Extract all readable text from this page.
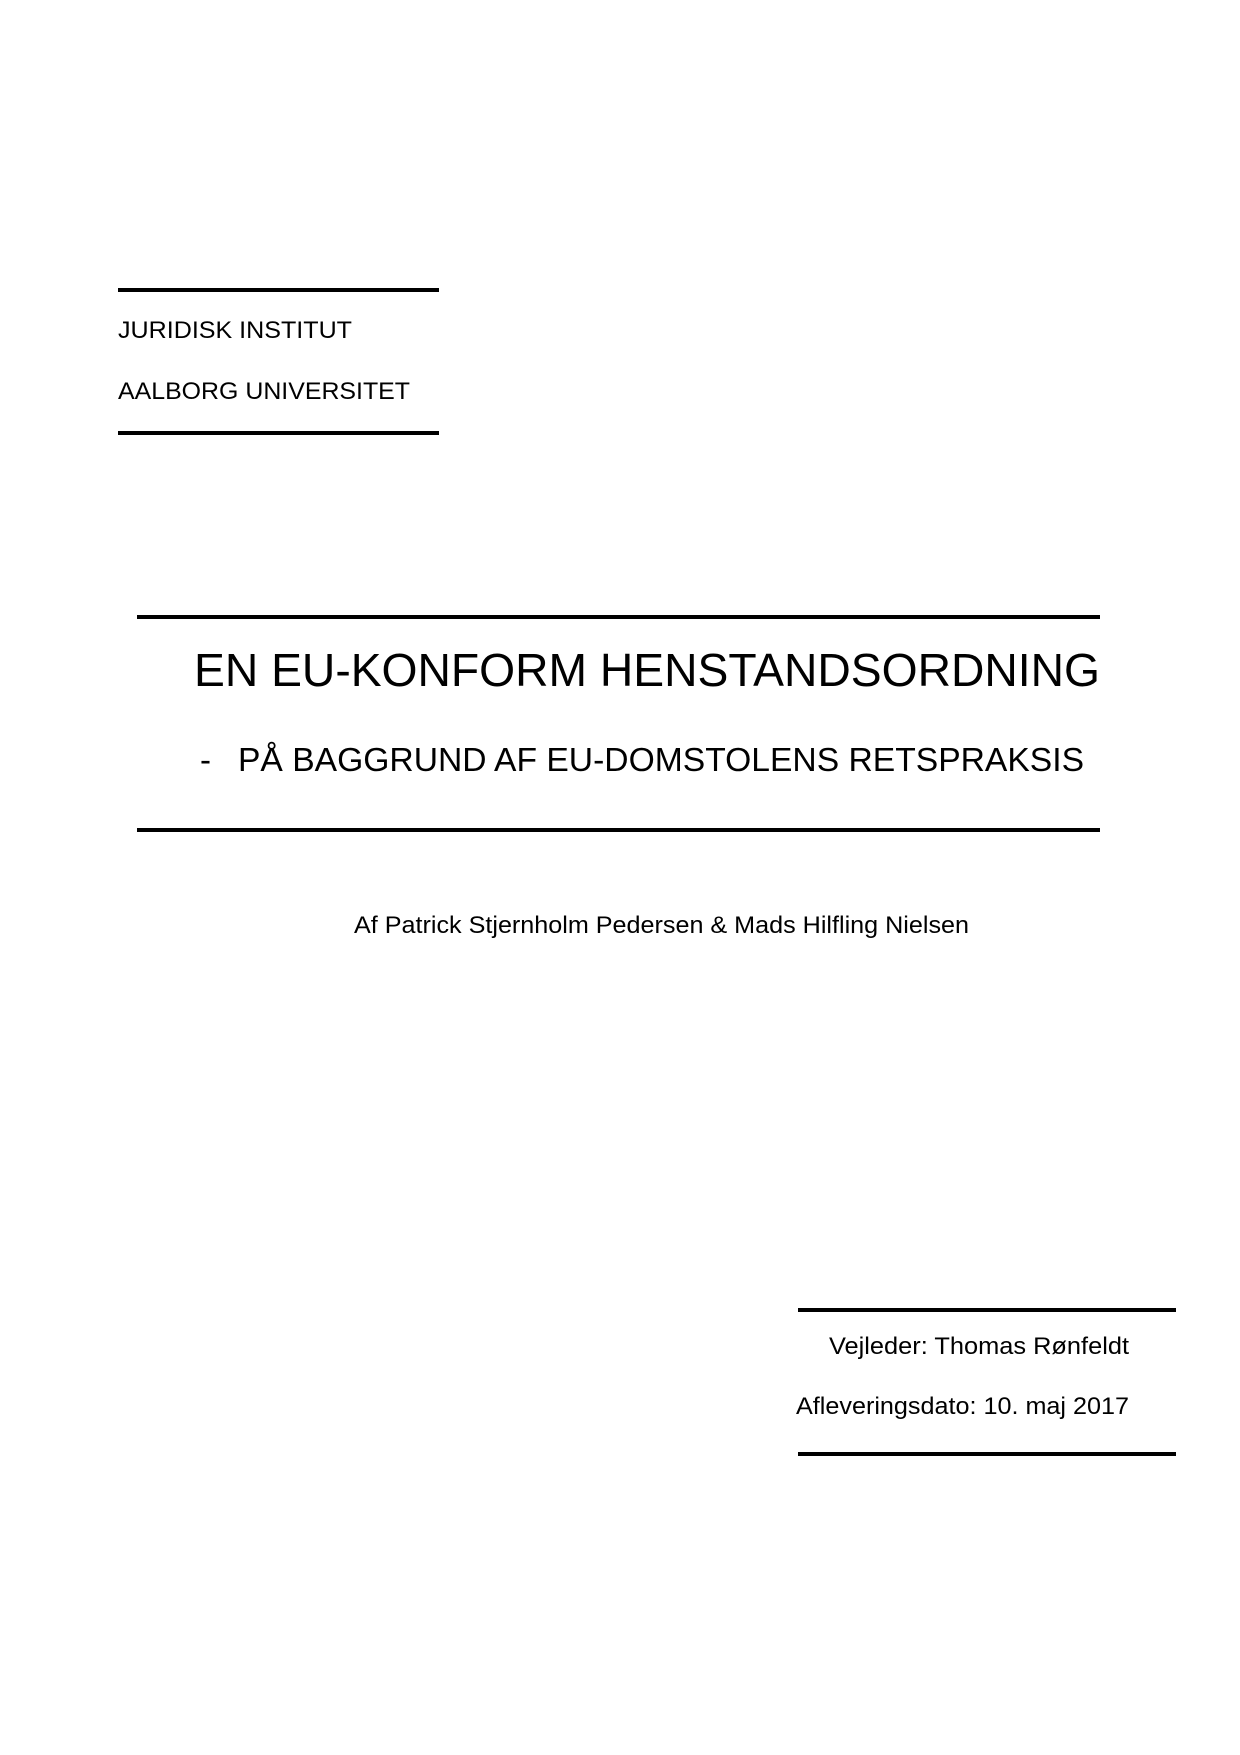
JURIDISK INSTITUT
AALBORG UNIVERSITET
EN EU-KONFORM HENSTANDSORDNING
- PÅ BAGGRUND AF EU-DOMSTOLENS RETSPRAKSIS
Af Patrick Stjernholm Pedersen & Mads Hilfling Nielsen
Vejleder: Thomas Rønfeldt
Afleveringsdato: 10. maj 2017
